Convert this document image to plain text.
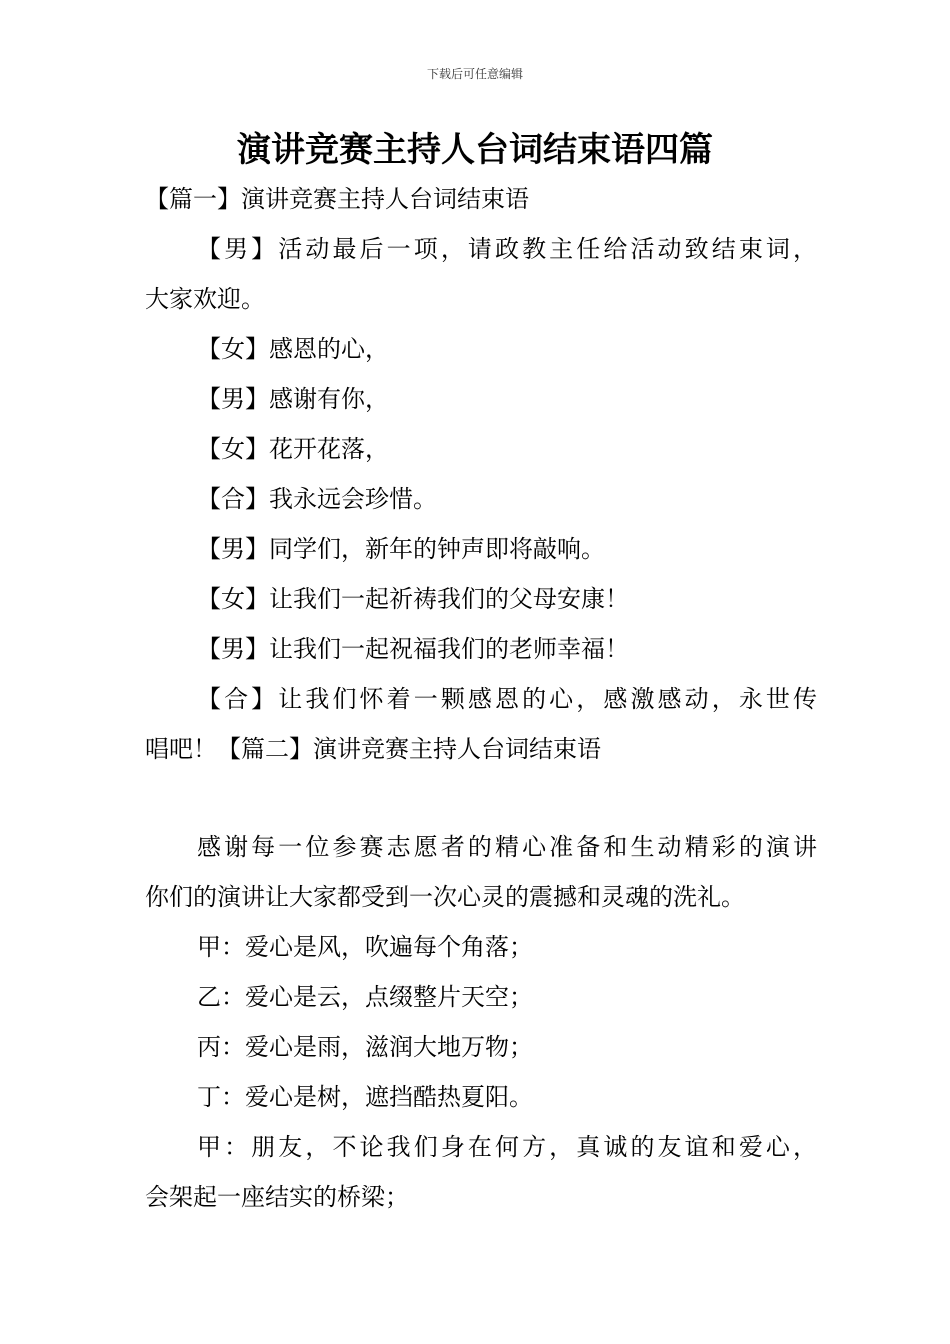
下载后可任意编辑
演讲竞赛主持人台词结束语四篇
【篇一】演讲竞赛主持人台词结束语
【男】活动最后一项，请政教主任给活动致结束词，
大家欢迎。
【女】感恩的心，
【男】感谢有你，
【女】花开花落，
【合】我永远会珍惜。
【男】同学们，新年的钟声即将敲响。
【女】让我们一起祈祷我们的父母安康！
【男】让我们一起祝福我们的老师幸福！
【合】让我们怀着一颗感恩的心，感激感动，永世传
唱吧！【篇二】演讲竞赛主持人台词结束语
感谢每一位参赛志愿者的精心准备和生动精彩的演讲
你们的演讲让大家都受到一次心灵的震撼和灵魂的洗礼。
甲：爱心是风，吹遍每个角落；
乙：爱心是云，点缀整片天空；
丙：爱心是雨，滋润大地万物；
丁：爱心是树，遮挡酷热夏阳。
甲：朋友，不论我们身在何方，真诚的友谊和爱心，
会架起一座结实的桥梁；
